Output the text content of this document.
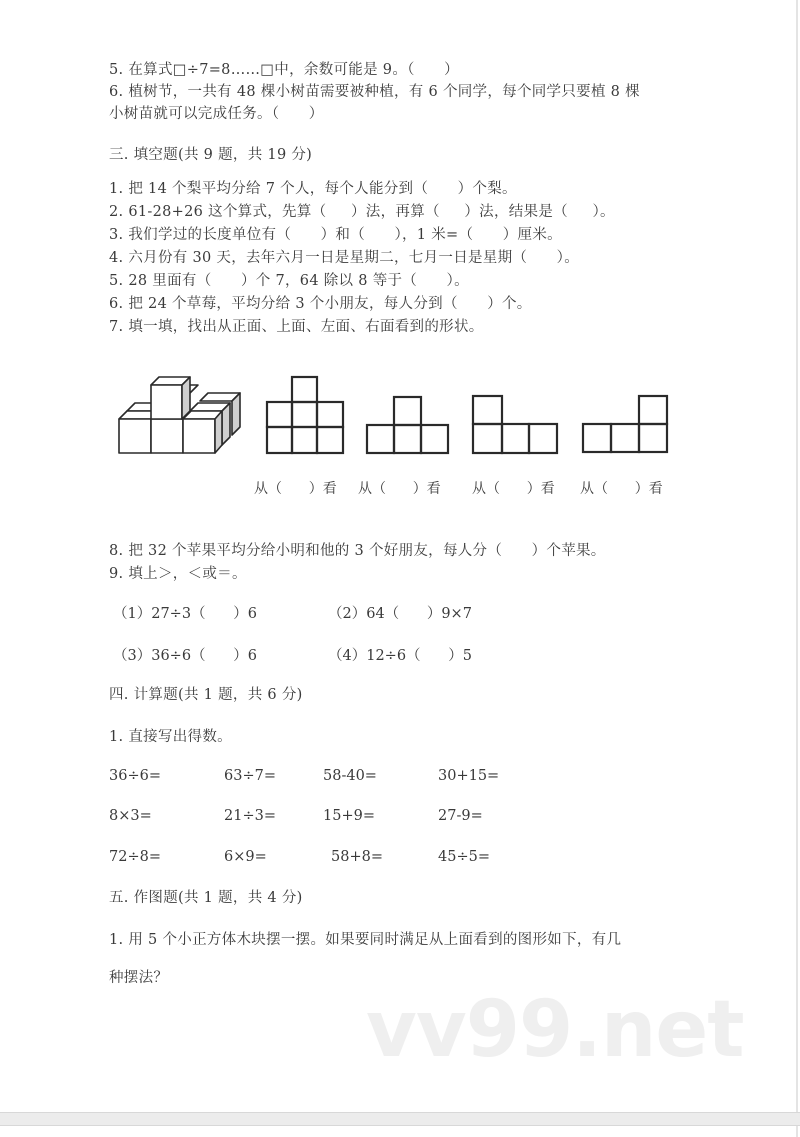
5. 在算式□÷7=8……□中，余数可能是 9。（      ）
6. 植树节，一共有 48 棵小树苗需要被种植，有 6 个同学，每个同学只要植 8 棵
小树苗就可以完成任务。（      ）
三. 填空题(共 9 题，共 19 分)
1. 把 14 个梨平均分给 7 个人，每个人能分到（      ）个梨。
2. 61-28+26 这个算式，先算（     ）法，再算（     ）法，结果是（     ）。
3. 我们学过的长度单位有（      ）和（      ），1 米=（      ）厘米。
4. 六月份有 30 天，去年六月一日是星期二，七月一日是星期（      ）。
5. 28 里面有（      ）个 7，64 除以 8 等于（      ）。
6. 把 24 个草莓，平均分给 3 个小朋友，每人分到（      ）个。
7. 填一填，找出从正面、上面、左面、右面看到的形状。
从（      ）看 从（      ）看 从（      ）看 从（      ）看
8. 把 32 个苹果平均分给小明和他的 3 个好朋友，每人分（      ）个苹果。
9. 填上＞，＜或＝。
（1）27÷3（      ）6	（2）64（      ）9×7
（3）36÷6（      ）6	（4）12÷6（      ）5
四. 计算题(共 1 题，共 6 分)
1. 直接写出得数。
36÷6=	63÷7=	58-40=	30+15=
8×3=	21÷3=	15+9=	27-9=
72÷8=	6×9=	58+8=	45÷5=
五. 作图题(共 1 题，共 4 分)
1. 用 5 个小正方体木块摆一摆。如果要同时满足从上面看到的图形如下，有几
种摆法？
vv99.net
